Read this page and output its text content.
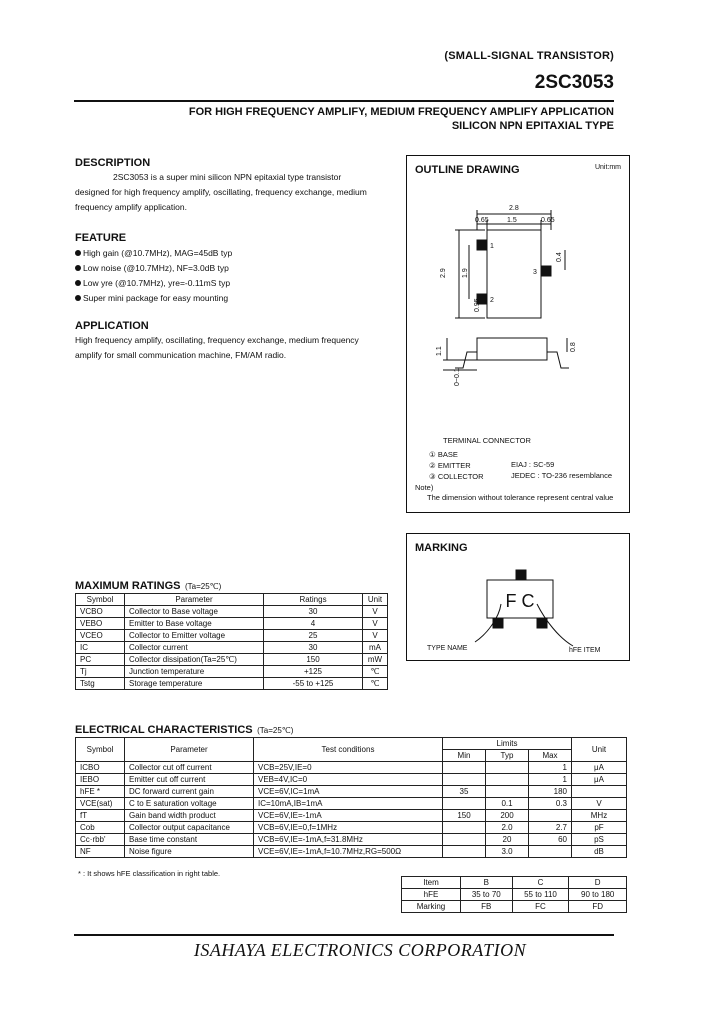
(SMALL-SIGNAL TRANSISTOR)
2SC3053
FOR HIGH FREQUENCY AMPLIFY, MEDIUM FREQUENCY AMPLIFY APPLICATION
SILICON NPN EPITAXIAL TYPE
DESCRIPTION
2SC3053 is a super mini silicon NPN epitaxial type transistor
designed for high frequency amplify, oscillating, frequency exchange, medium
frequency amplify application.
FEATURE
High gain (@10.7MHz), MAG=45dB typ
Low noise (@10.7MHz), NF=3.0dB typ
Low yre (@10.7MHz), yre=-0.11mS typ
Super mini package for easy mounting
APPLICATION
High frequency amplify, oscillating, frequency exchange, medium frequency
amplify for small communication machine, FM/AM radio.
OUTLINE DRAWING	Unit:mm
2.8
0.65	1.5	0.65
2.9 1.9
0.95
1.1	0.8
0.4
0~0.1
1
2
3
TERMINAL CONNECTOR
① BASE
② EMITTER
③ COLLECTOR
EIAJ : SC-59
JEDEC : TO-236 resemblance
Note)
The dimension without tolerance represent central value
MARKING
F C
TYPE NAME	hFE ITEM
MAXIMUM RATINGS (Ta=25℃)
Symbol	Parameter	Ratings	Unit
VCBO	Collector to Base voltage	30	V
VEBO	Emitter to Base voltage	4	V
VCEO	Collector to Emitter voltage	25	V
IC	Collector current	30	mA
PC	Collector dissipation(Ta=25℃)	150	mW
Tj	Junction temperature	+125	℃
Tstg	Storage temperature	-55 to +125	℃
ELECTRICAL CHARACTERISTICS (Ta=25℃)
Symbol	Parameter	Test conditions	Limits			Unit
			Min	Typ	Max	
ICBO	Collector cut off current	VCB=25V,IE=0			1	μA
IEBO	Emitter cut off current	VEB=4V,IC=0			1	μA
hFE *	DC forward current gain	VCE=6V,IC=1mA	35		180	
VCE(sat)	C to E saturation voltage	IC=10mA,IB=1mA		0.1	0.3	V
fT	Gain band width product	VCE=6V,IE=-1mA	150	200		MHz
Cob	Collector output capacitance	VCB=6V,IE=0,f=1MHz		2.0	2.7	pF
Cc·rbb'	Base time constant	VCB=6V,IE=-1mA,f=31.8MHz		20	60	pS
NF	Noise figure	VCE=6V,IE=-1mA,f=10.7MHz,RG=500Ω		3.0		dB
* : It shows hFE classification in right table.
Item	B	C	D
hFE	35 to 70	55 to 110	90 to 180
Marking	FB	FC	FD
ISAHAYA ELECTRONICS CORPORATION
